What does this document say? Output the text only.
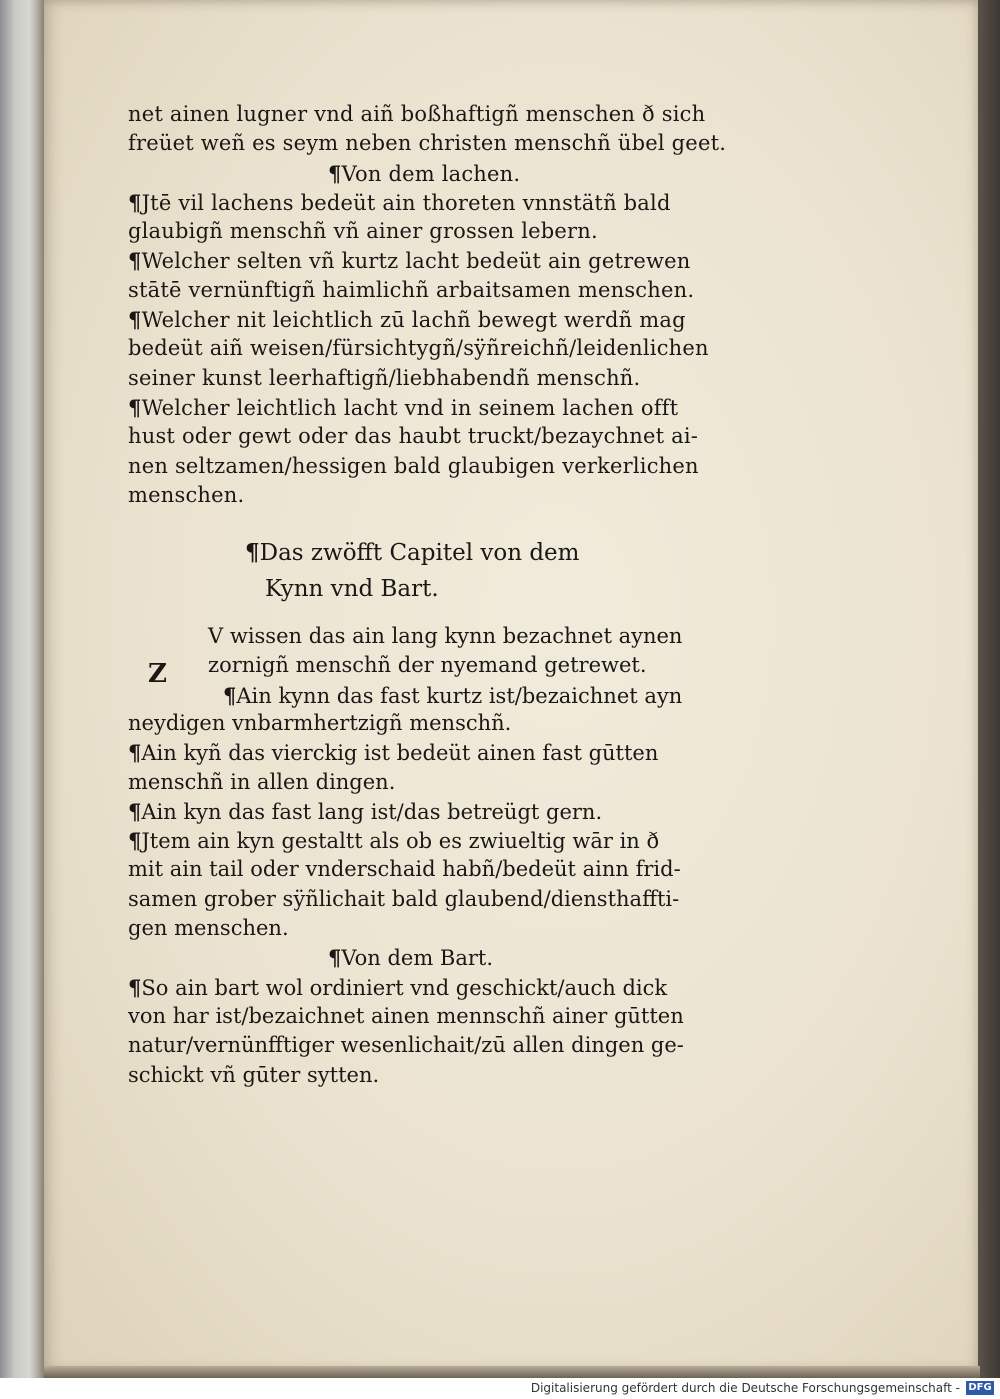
net ainen lugner vnd aiñ boßhaftigñ menschen ð sich
freüet weñ es seym neben christen menschñ übel geet.
¶Von dem lachen.
¶Jtē vil lachens bedeüt ain thoreten vnnstätñ bald
glaubigñ menschñ vñ ainer grossen lebern.
¶Welcher selten vñ kurtz lacht bedeüt ain getrewen
stātē vernünftigñ haimlichñ arbaitsamen menschen.
¶Welcher nit leichtlich zū lachñ bewegt werdñ mag
bedeüt aiñ weisen/fürsichtygñ/sÿñreichñ/leidenlichen
seiner kunst leerhaftigñ/liebhabendñ menschñ.
¶Welcher leichtlich lacht vnd in seinem lachen offt
hust oder gewt oder das haubt truckt/bezaychnet ai-
nen seltzamen/hessigen bald glaubigen verkerlichen
menschen.
¶Das zwöfft Capitel von dem
Kynn vnd Bart.
Z
V wissen das ain lang kynn bezachnet aynen
zornigñ menschñ der nyemand getrewet.
¶Ain kynn das fast kurtz ist/bezaichnet ayn
neydigen vnbarmhertzigñ menschñ.
¶Ain kyñ das vierckig ist bedeüt ainen fast gūtten
menschñ in allen dingen.
¶Ain kyn das fast lang ist/das betreügt gern.
¶Jtem ain kyn gestaltt als ob es zwiueltig wār in ð
mit ain tail oder vnderschaid habñ/bedeüt ainn frid-
samen grober sÿñlichait bald glaubend/diensthaffti-
gen menschen.
¶Von dem Bart.
¶So ain bart wol ordiniert vnd geschickt/auch dick
von har ist/bezaichnet ainen mennschñ ainer gūtten
natur/vernünfftiger wesenlichait/zū allen dingen ge-
schickt vñ gūter sytten.
Digitalisierung gefördert durch die Deutsche Forschungsgemeinschaft - DFG
